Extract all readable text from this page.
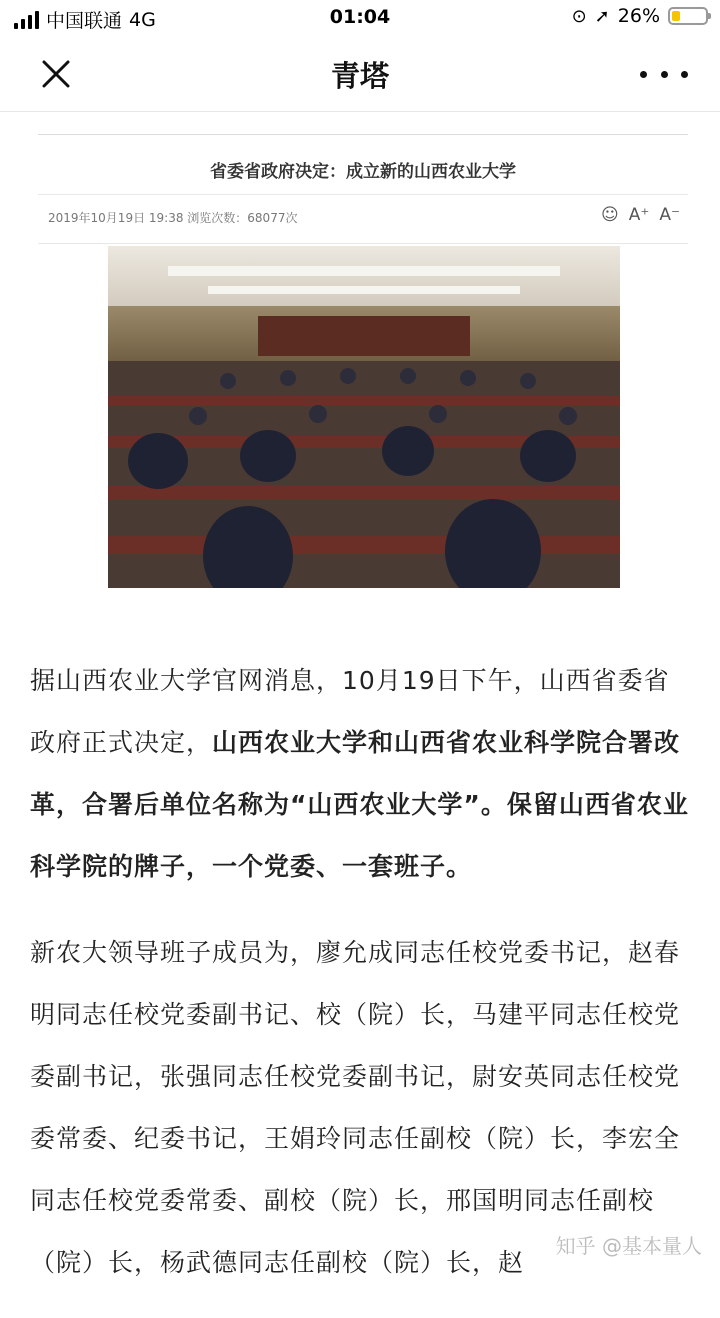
中国联通 4G	01:04	⊙ ➚ 26%
青塔
省委省政府决定：成立新的山西农业大学
2019年10月19日 19:38 浏览次数：68077次	☺ A⁺ A⁻

据山西农业大学官网消息，10月19日下午，山西省委省政府正式决定，山西农业大学和山西省农业科学院合署改革，合署后单位名称为“山西农业大学”。保留山西省农业科学院的牌子，一个党委、一套班子。

新农大领导班子成员为，廖允成同志任校党委书记，赵春明同志任校党委副书记、校（院）长，马建平同志任校党委副书记，张强同志任校党委副书记，尉安英同志任校党委常委、纪委书记，王娟玲同志任副校（院）长，李宏全同志任校党委常委、副校（院）长，邢国明同志任副校（院）长，杨武德同志任副校（院）长，赵

知乎 @基本量人
